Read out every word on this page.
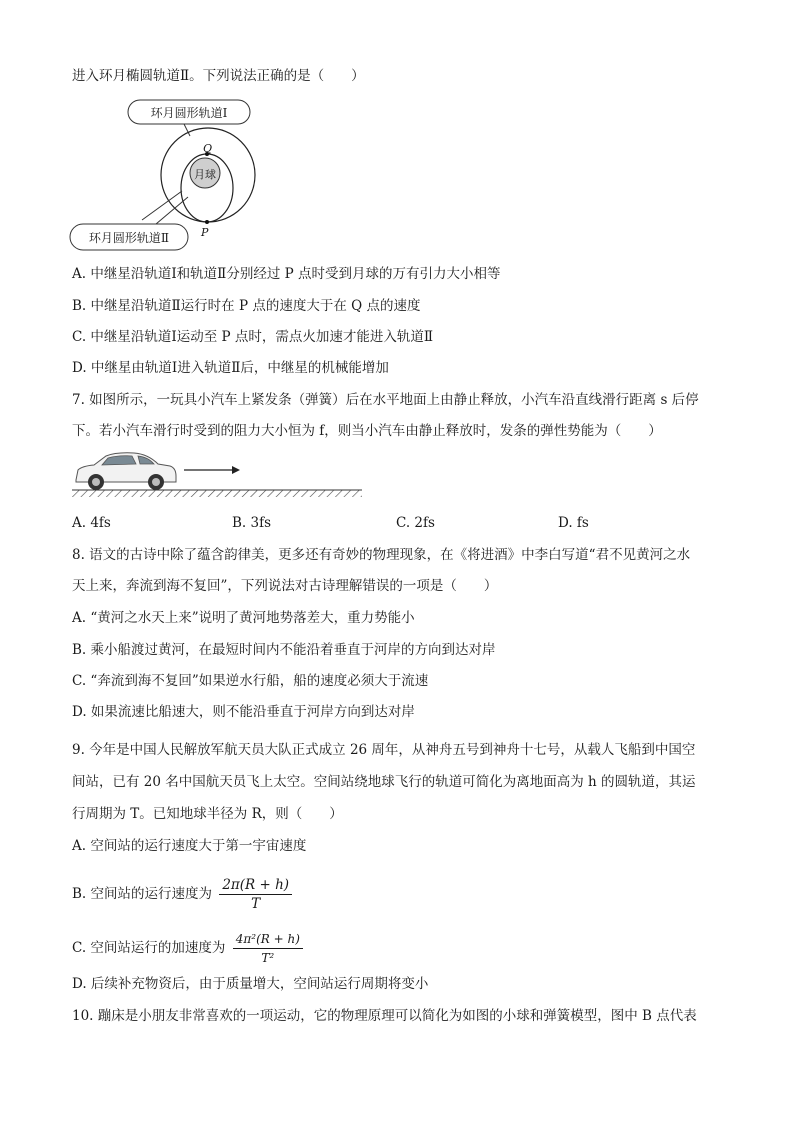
进入环月椭圆轨道Ⅱ。下列说法正确的是（　　）
环月圆形轨道Ⅰ
月球
Q
P
环月圆形轨道Ⅱ
A. 中继星沿轨道Ⅰ和轨道Ⅱ分别经过 P 点时受到月球的万有引力大小相等
B. 中继星沿轨道Ⅱ运行时在 P 点的速度大于在 Q 点的速度
C. 中继星沿轨道Ⅰ运动至 P 点时，需点火加速才能进入轨道Ⅱ
D. 中继星由轨道Ⅰ进入轨道Ⅱ后，中继星的机械能增加
7. 如图所示，一玩具小汽车上紧发条（弹簧）后在水平地面上由静止释放，小汽车沿直线滑行距离 s 后停
下。若小汽车滑行时受到的阻力大小恒为 f，则当小汽车由静止释放时，发条的弹性势能为（　　）
A. 4fs	B. 3fs	C. 2fs	D. fs
8. 语文的古诗中除了蕴含韵律美，更多还有奇妙的物理现象，在《将进酒》中李白写道“君不见黄河之水
天上来，奔流到海不复回”，下列说法对古诗理解错误的一项是（　　）
A. “黄河之水天上来”说明了黄河地势落差大，重力势能小
B. 乘小船渡过黄河，在最短时间内不能沿着垂直于河岸的方向到达对岸
C. “奔流到海不复回”如果逆水行船，船的速度必须大于流速
D. 如果流速比船速大，则不能沿垂直于河岸方向到达对岸
9. 今年是中国人民解放军航天员大队正式成立 26 周年，从神舟五号到神舟十七号，从载人飞船到中国空
间站，已有 20 名中国航天员飞上太空。空间站绕地球飞行的轨道可简化为离地面高为 h 的圆轨道，其运
行周期为 T。已知地球半径为 R，则（　　）
A. 空间站的运行速度大于第一宇宙速度
B. 空间站的运行速度为 $\frac{2\pi(R + h)}{T}$
C. 空间站运行的加速度为 $\frac{\text{4π²(R + h)}}{\text{T²}}$
D. 后续补充物资后，由于质量增大，空间站运行周期将变小
10. 蹦床是小朋友非常喜欢的一项运动，它的物理原理可以简化为如图的小球和弹簧模型，图中 B 点代表
